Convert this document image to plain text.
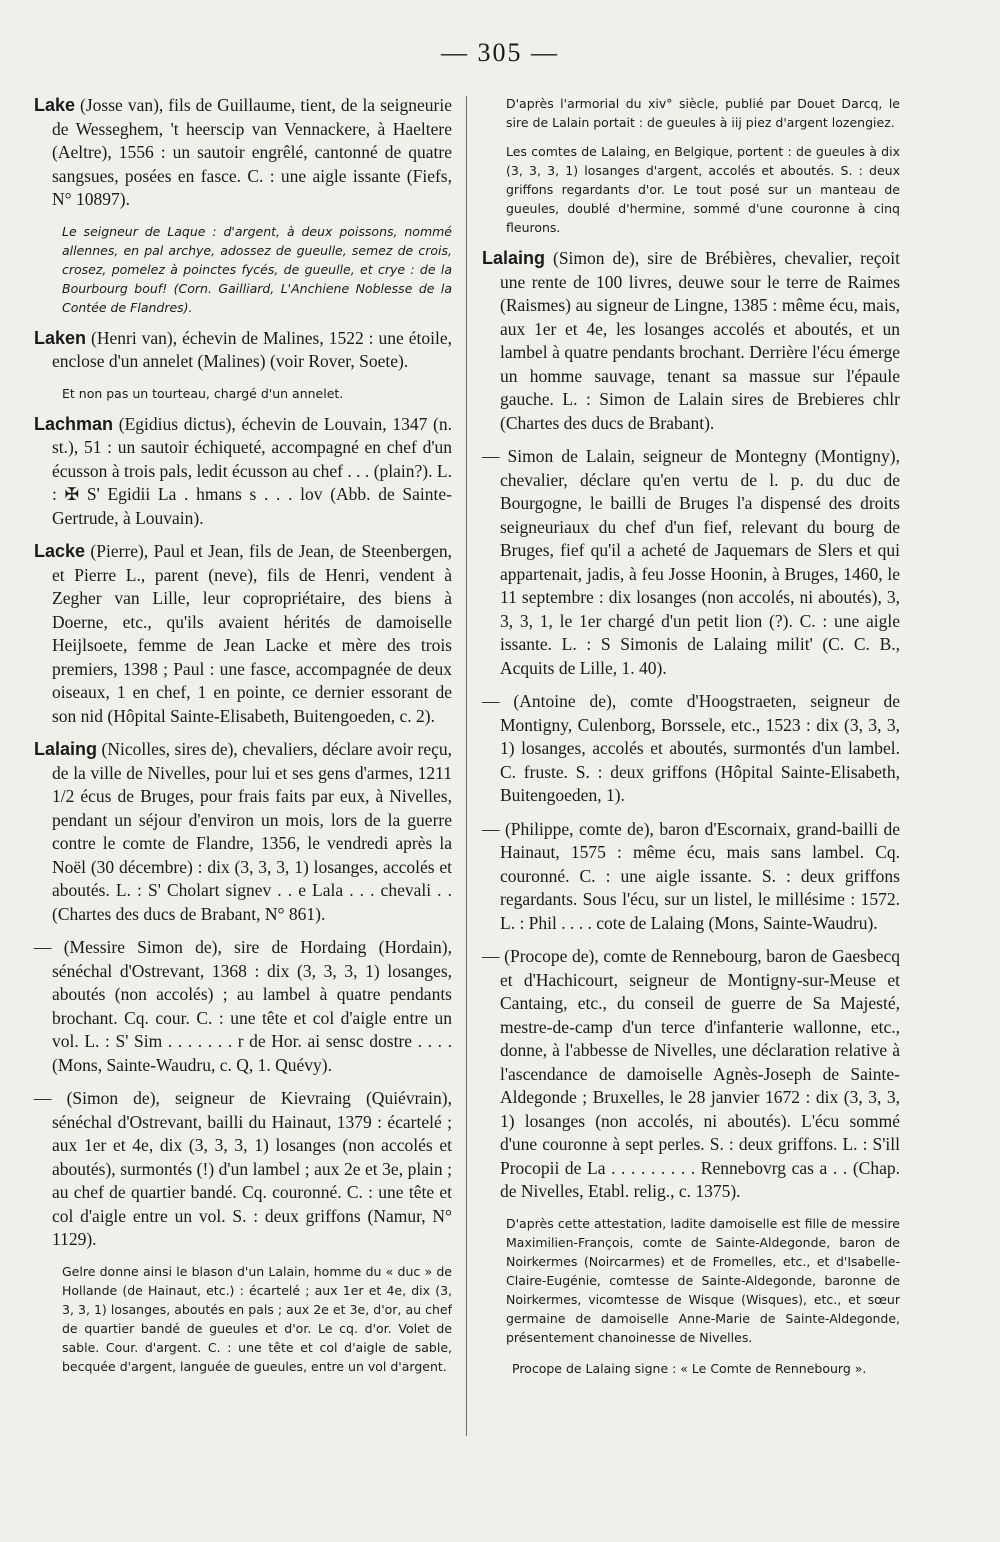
— 305 —

Lake (Josse van), fils de Guillaume, tient, de la seigneurie de Wesseghem, 't heerscip van Vennackere, à Haeltere (Aeltre), 1556 : un sautoir engrêlé, cantonné de quatre sangsues, posées en fasce. C. : une aigle issante (Fiefs, N° 10897).

Le seigneur de Laque : d'argent, à deux poissons, nommé allennes, en pal archye, adossez de gueulle, semez de crois, crosez, pomelez à poinctes fycés, de gueulle, et crye : de la Bourbourg bouf! (Corn. Gailliard, L'Anchiene Noblesse de la Contée de Flandres).

Laken (Henri van), échevin de Malines, 1522 : une étoile, enclose d'un annelet (Malines) (voir Rover, Soete).

Et non pas un tourteau, chargé d'un annelet.

Lachman (Egidius dictus), échevin de Louvain, 1347 (n. st.), 51 : un sautoir échiqueté, accompagné en chef d'un écusson à trois pals, ledit écusson au chef . . . (plain?). L. : ✠ S' Egidii La . hmans s . . . lov (Abb. de Sainte-Gertrude, à Louvain).

Lacke (Pierre), Paul et Jean, fils de Jean, de Steenbergen, et Pierre L., parent (neve), fils de Henri, vendent à Zegher van Lille, leur copropriétaire, des biens à Doerne, etc., qu'ils avaient hérités de damoiselle Heijlsoete, femme de Jean Lacke et mère des trois premiers, 1398 ; Paul : une fasce, accompagnée de deux oiseaux, 1 en chef, 1 en pointe, ce dernier essorant de son nid (Hôpital Sainte-Elisabeth, Buitengoeden, c. 2).

Lalaing (Nicolles, sires de), chevaliers, déclare avoir reçu, de la ville de Nivelles, pour lui et ses gens d'armes, 1211 1/2 écus de Bruges, pour frais faits par eux, à Nivelles, pendant un séjour d'environ un mois, lors de la guerre contre le comte de Flandre, 1356, le vendredi après la Noël (30 décembre) : dix (3, 3, 3, 1) losanges, accolés et aboutés. L. : S' Cholart signev . . e Lala . . . chevali . . (Chartes des ducs de Brabant, N° 861).

— (Messire Simon de), sire de Hordaing (Hordain), sénéchal d'Ostrevant, 1368 : dix (3, 3, 3, 1) losanges, aboutés (non accolés) ; au lambel à quatre pendants brochant. Cq. cour. C. : une tête et col d'aigle entre un vol. L. : S' Sim . . . . . . . r de Hor. ai sensc dostre . . . . (Mons, Sainte-Waudru, c. Q, 1. Quévy).

— (Simon de), seigneur de Kievraing (Quiévrain), sénéchal d'Ostrevant, bailli du Hainaut, 1379 : écartelé ; aux 1er et 4e, dix (3, 3, 3, 1) losanges (non accolés et aboutés), surmontés (!) d'un lambel ; aux 2e et 3e, plain ; au chef de quartier bandé. Cq. couronné. C. : une tête et col d'aigle entre un vol. S. : deux griffons (Namur, N° 1129).

Gelre donne ainsi le blason d'un Lalain, homme du « duc » de Hollande (de Hainaut, etc.) : écartelé ; aux 1er et 4e, dix (3, 3, 3, 1) losanges, aboutés en pals ; aux 2e et 3e, d'or, au chef de quartier bandé de gueules et d'or. Le cq. d'or. Volet de sable. Cour. d'argent. C. : une tête et col d'aigle de sable, becquée d'argent, languée de gueules, entre un vol d'argent.

D'après l'armorial du xiv° siècle, publié par Douet Darcq, le sire de Lalain portait : de gueules à iij piez d'argent lozengiez.

Les comtes de Lalaing, en Belgique, portent : de gueules à dix (3, 3, 3, 1) losanges d'argent, accolés et aboutés. S. : deux griffons regardants d'or. Le tout posé sur un manteau de gueules, doublé d'hermine, sommé d'une couronne à cinq fleurons.

Lalaing (Simon de), sire de Brébières, chevalier, reçoit une rente de 100 livres, deuwe sour le terre de Raimes (Raismes) au signeur de Lingne, 1385 : même écu, mais, aux 1er et 4e, les losanges accolés et aboutés, et un lambel à quatre pendants brochant. Derrière l'écu émerge un homme sauvage, tenant sa massue sur l'épaule gauche. L. : Simon de Lalain sires de Brebieres chlr (Chartes des ducs de Brabant).

— Simon de Lalain, seigneur de Montegny (Montigny), chevalier, déclare qu'en vertu de l. p. du duc de Bourgogne, le bailli de Bruges l'a dispensé des droits seigneuriaux du chef d'un fief, relevant du bourg de Bruges, fief qu'il a acheté de Jaquemars de Slers et qui appartenait, jadis, à feu Josse Hoonin, à Bruges, 1460, le 11 septembre : dix losanges (non accolés, ni aboutés), 3, 3, 3, 1, le 1er chargé d'un petit lion (?). C. : une aigle issante. L. : S Simonis de Lalaing milit' (C. C. B., Acquits de Lille, 1. 40).

— (Antoine de), comte d'Hoogstraeten, seigneur de Montigny, Culenborg, Borssele, etc., 1523 : dix (3, 3, 3, 1) losanges, accolés et aboutés, surmontés d'un lambel. C. fruste. S. : deux griffons (Hôpital Sainte-Elisabeth, Buitengoeden, 1).

— (Philippe, comte de), baron d'Escornaix, grand-bailli de Hainaut, 1575 : même écu, mais sans lambel. Cq. couronné. C. : une aigle issante. S. : deux griffons regardants. Sous l'écu, sur un listel, le millésime : 1572. L. : Phil . . . . cote de Lalaing (Mons, Sainte-Waudru).

— (Procope de), comte de Rennebourg, baron de Gaesbecq et d'Hachicourt, seigneur de Montigny-sur-Meuse et Cantaing, etc., du conseil de guerre de Sa Majesté, mestre-de-camp d'un terce d'infanterie wallonne, etc., donne, à l'abbesse de Nivelles, une déclaration relative à l'ascendance de damoiselle Agnès-Joseph de Sainte-Aldegonde ; Bruxelles, le 28 janvier 1672 : dix (3, 3, 3, 1) losanges (non accolés, ni aboutés). L'écu sommé d'une couronne à sept perles. S. : deux griffons. L. : S'ill Procopii de La . . . . . . . . . Rennebovrg cas a . . (Chap. de Nivelles, Etabl. relig., c. 1375).

D'après cette attestation, ladite damoiselle est fille de messire Maximilien-François, comte de Sainte-Aldegonde, baron de Noirkermes (Noircarmes) et de Fromelles, etc., et d'Isabelle-Claire-Eugénie, comtesse de Sainte-Aldegonde, baronne de Noirkermes, vicomtesse de Wisque (Wisques), etc., et sœur germaine de damoiselle Anne-Marie de Sainte-Aldegonde, présentement chanoinesse de Nivelles.

Procope de Lalaing signe : « Le Comte de Rennebourg ».
